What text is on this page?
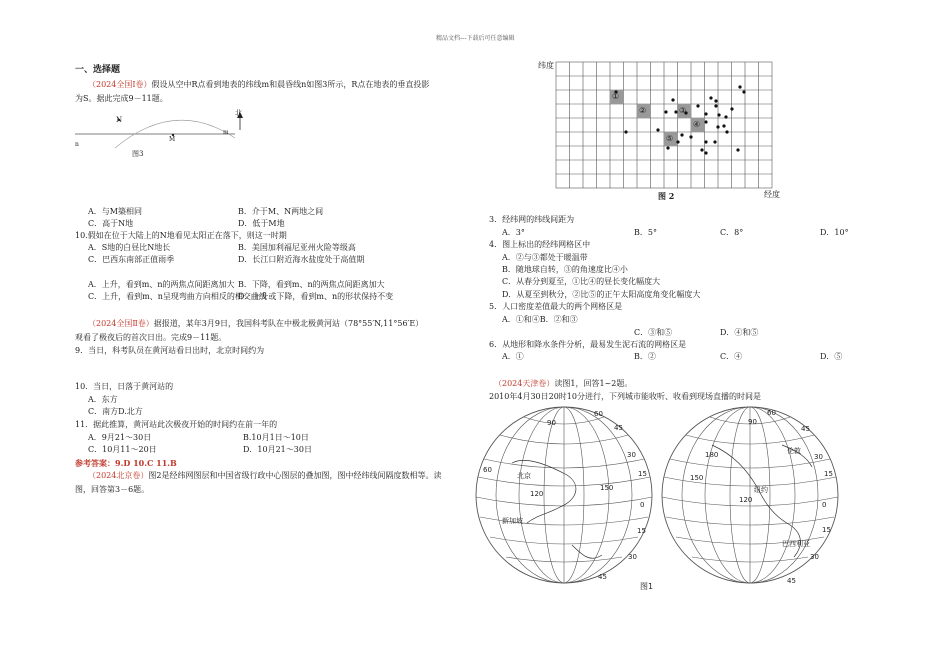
精品文档---下载后可任意编辑
一、选择题
（2024全国Ⅰ卷）假设从空中R点看到地表的纬线m和晨昏线n如图3所示，R点在地表的垂直投影
为S。据此完成9－11题。
北
N
M
m
n
图3
A．与M築相同	B．介于M、N两地之间
C．高于N地	D．低于M地
10.假如在位于大陆上的N地看见太阳正在落下，则这一时期
A．S地的白昼比N地长	B．美国加利福尼亚州火险等级高
C．巴西东南部正值雨季	D．长江口附近海水盐度处于高值期
A．上升，看到m、n的两焦点间距离加大 B．下降，看到m、n的两焦点间距离加大
C．上升，看到m、n呈现弯曲方向相反的相交曲线
D．上升或下降，看到m、n的形状保持不变
（2024全国Ⅱ卷）据报道，某年3月9日，我国科考队在中极北极黄河站（78°55′N,11°56′E）
观看了极夜后的首次日出。完成9－11题。
9．当日，科考队员在黄河站看日出时，北京时间约为
10．当日，日落于黄河站的
A．东方
C．南方D.北方
11．据此推算，黄河站此次极夜开始的时间约在前一年的
A．9月21～30日	B.10月1日～10日
C．10月11～20日	D．10月21～30日
参考答案：9.D 10.C 11.B
（2024北京卷）图2是经纬网图层和中国省级行政中心图层的叠加图，图中经纬线间隔度数相等。读
图，回答第3－6题。
纬度
①
②	③
④
⑤
图 2	经度
3．经纬网的纬线间距为
A．3°	B．5°	C．8°	D．10°
4．图上标出的经纬网格区中
A．②与③都处于暖温带
B．随地球自转，③的角速度比④小
C．从春分到夏至，①比④的昼长变化幅度大
D．从夏至到秋分，②比⑤的正午太阳高度角变化幅度大
5．人口密度差值最大的两个网格区是
A．①和④B．②和③
C．③和⑤	D．④和⑤
6．从地形和降水条件分析，最易发生泥石流的网格区是
A．①	B．②	C．④	D．⑤
（2024天津卷）读图1，回答1~2题。
2010年4月30日20时10分进行，下列城市能收听、收看到现场直播的时间是
90
60
45
30
15
60
120
150
0
15
30
45
北京
新加坡
90
60
45
30
15
180
150
120
0
15
30
45
伦敦
纽约
巴西利亚
图1
